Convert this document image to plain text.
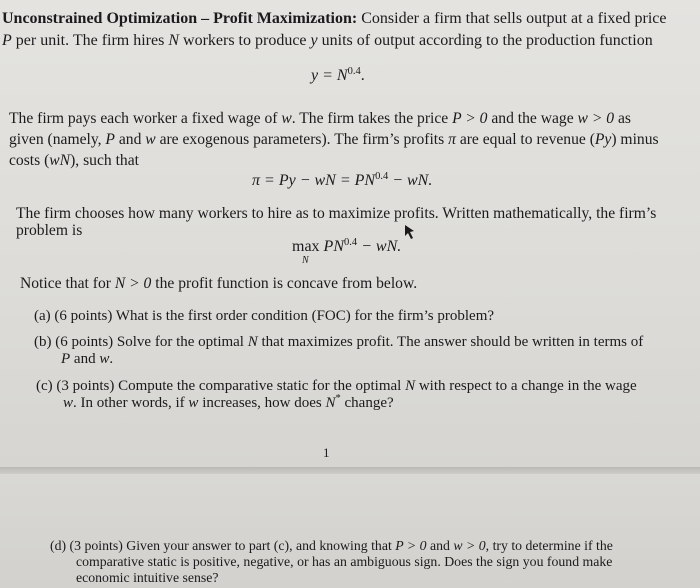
Unconstrained Optimization – Profit Maximization: Consider a firm that sells output at a fixed price
P per unit. The firm hires N workers to produce y units of output according to the production function
$y = N^{0.4}$.
The firm pays each worker a fixed wage of w. The firm takes the price P > 0 and the wage w > 0 as
given (namely, P and w are exogenous parameters). The firm’s profits π are equal to revenue (Py) minus
costs (wN), such that
π = Py − wN = $PN^{0.4}$ − wN.
The firm chooses how many workers to hire as to maximize profits. Written mathematically, the firm’s
problem is
$\max PN^{0.4}$ − wN.
N
Notice that for N > 0 the profit function is concave from below.
(a) (6 points) What is the first order condition (FOC) for the firm’s problem?
(b) (6 points) Solve for the optimal N that maximizes profit. The answer should be written in terms of
P and w.
(c) (3 points) Compute the comparative static for the optimal N with respect to a change in the wage
w. In other words, if w increases, how does N* change?
1
(d) (3 points) Given your answer to part (c), and knowing that P > 0 and w > 0, try to determine if the
comparative static is positive, negative, or has an ambiguous sign. Does the sign you found make
economic intuitive sense?
